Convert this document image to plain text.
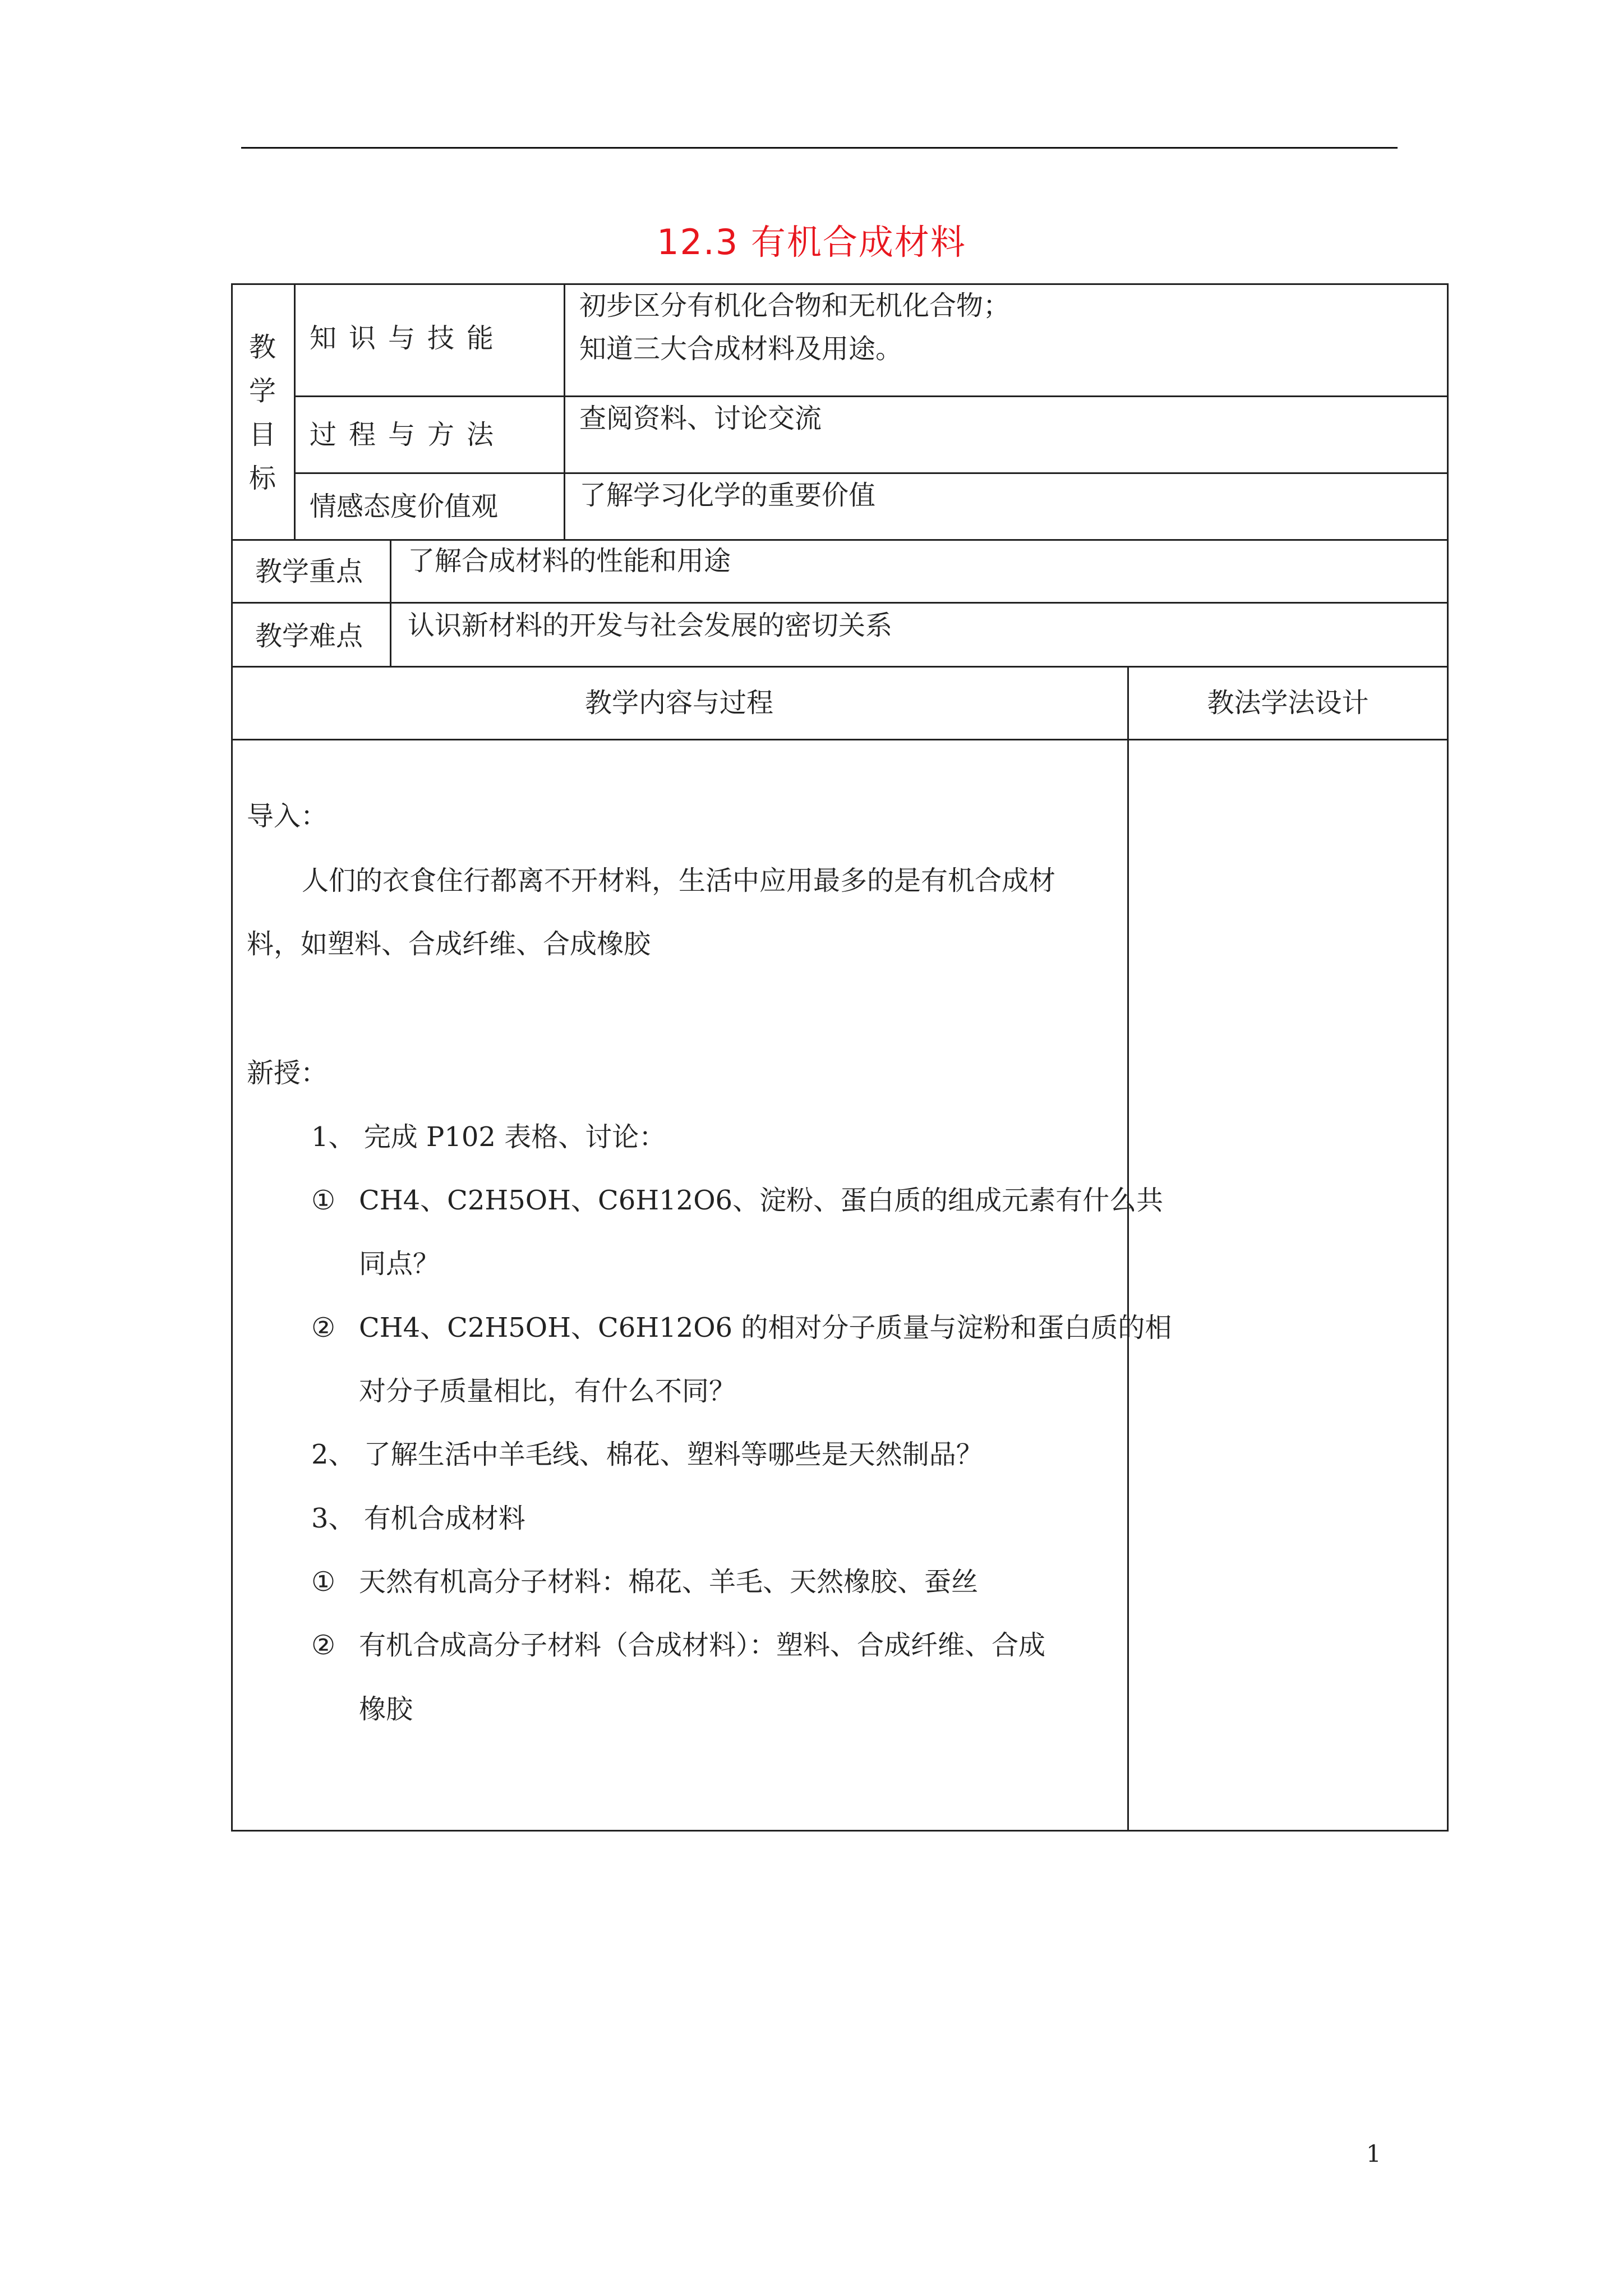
12.3 有机合成材料
教
学
目
标
知识与技能
初步区分有机化合物和无机化合物；
知道三大合成材料及用途。
过程与方法
查阅资料、讨论交流
情感态度价值观	了解学习化学的重要价值
教学重点 了解合成材料的性能和用途
教学难点 认识新材料的开发与社会发展的密切关系
教学内容与过程	教法学法设计
导入：
人们的衣食住行都离不开材料，生活中应用最多的是有机合成材
料，如塑料、合成纤维、合成橡胶
新授：
1、 完成 P102 表格、讨论：
① CH4、C2H5OH、C6H12O6、淀粉、蛋白质的组成元素有什么共
同点？
② CH4、C2H5OH、C6H12O6 的相对分子质量与淀粉和蛋白质的相
对分子质量相比，有什么不同？
2、 了解生活中羊毛线、棉花、塑料等哪些是天然制品？
3、 有机合成材料
① 天然有机高分子材料：棉花、羊毛、天然橡胶、蚕丝
② 有机合成高分子材料（合成材料）：塑料、合成纤维、合成
橡胶
1
